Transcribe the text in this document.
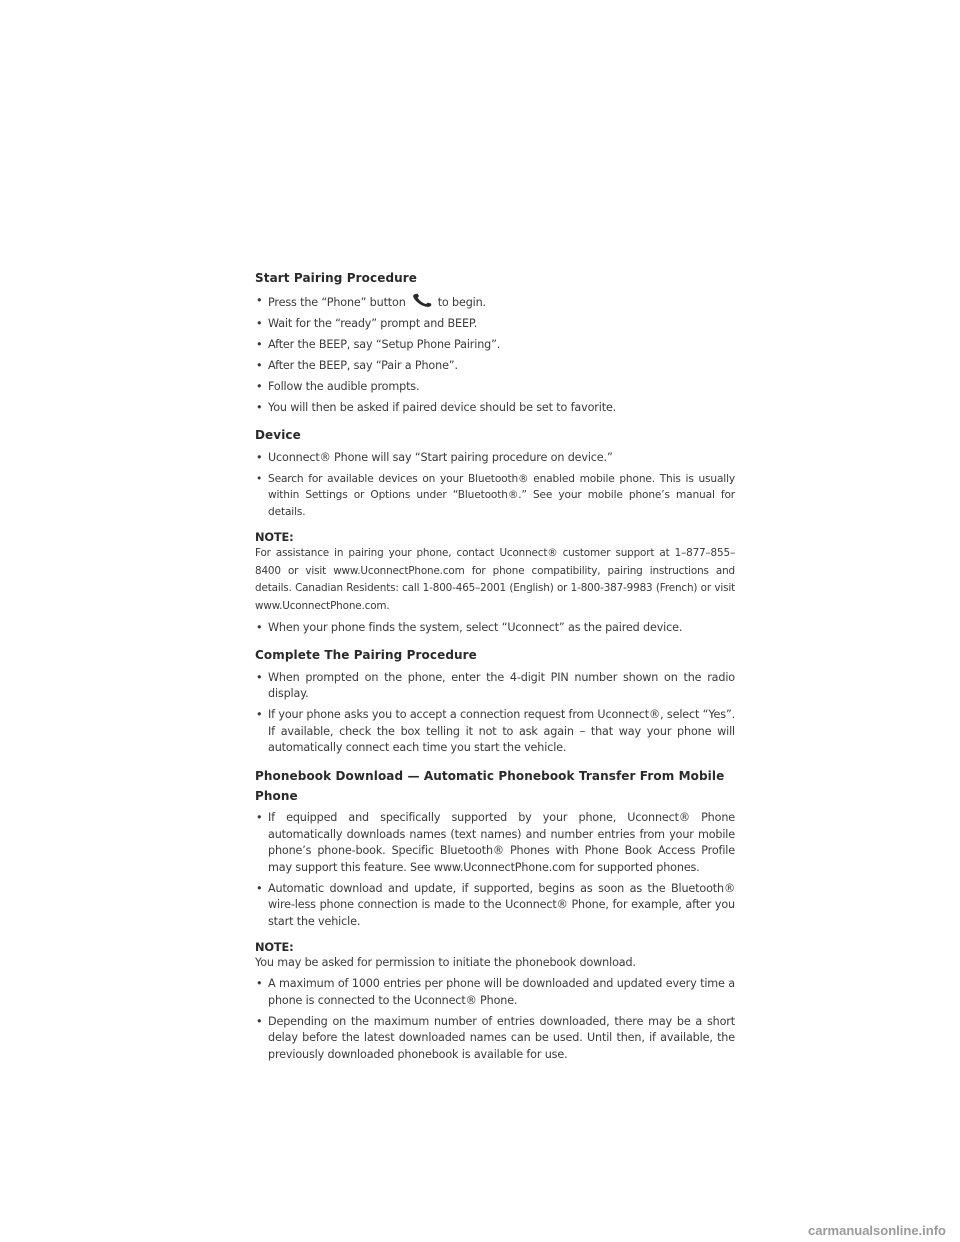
Start Pairing Procedure
• Press the “Phone” button	to begin.
• Wait for the “ready” prompt and BEEP.
• After the BEEP, say “Setup Phone Pairing”.
• After the BEEP, say “Pair a Phone”.
• Follow the audible prompts.
• You will then be asked if paired device should be set to favorite.
Device
• Uconnect® Phone will say “Start pairing procedure on device.”
• Search for available devices on your Bluetooth® enabled mobile phone. This is usually within Settings or Options under “Bluetooth®.” See your mobile phone’s manual for details.

NOTE:

For assistance in pairing your phone, contact Uconnect® customer support at 1–877–855–8400 or visit www.UconnectPhone.com for phone compatibility, pairing instructions and details. Canadian Residents: call 1-800-465–2001 (English) or 1-800-387-9983 (French) or visit www.UconnectPhone.com.

• When your phone finds the system, select “Uconnect” as the paired device.
Complete The Pairing Procedure
• When prompted on the phone, enter the 4-digit PIN number shown on the radio display.
• If your phone asks you to accept a connection request from Uconnect®, select “Yes”. If available, check the box telling it not to ask again – that way your phone will automatically connect each time you start the vehicle.
Phonebook Download — Automatic Phonebook Transfer From Mobile Phone
• If equipped and specifically supported by your phone, Uconnect® Phone automatically downloads names (text names) and number entries from your mobile phone’s phone-book. Specific Bluetooth® Phones with Phone Book Access Profile may support this feature. See www.UconnectPhone.com for supported phones.
• Automatic download and update, if supported, begins as soon as the Bluetooth® wire-less phone connection is made to the Uconnect® Phone, for example, after you start the vehicle.

NOTE:

You may be asked for permission to initiate the phonebook download.

• A maximum of 1000 entries per phone will be downloaded and updated every time a phone is connected to the Uconnect® Phone.
• Depending on the maximum number of entries downloaded, there may be a short delay before the latest downloaded names can be used. Until then, if available, the previously downloaded phonebook is available for use.
carmanualsonline.info
